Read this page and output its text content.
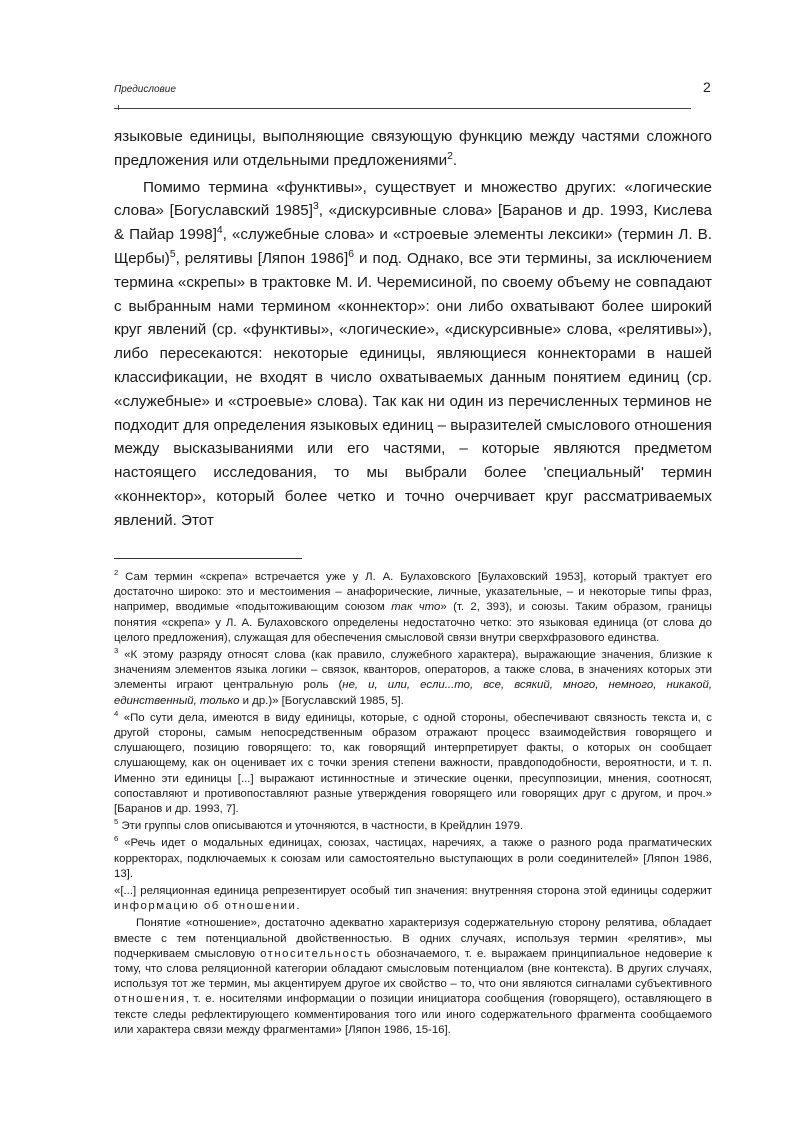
Предисловие	2

языковые единицы, выполняющие связующую функцию между частями сложного предложения или отдельными предложениями$^2$.

Помимо термина «функтивы», существует и множество других: «логические слова» [Богуславский 1985]$^3$, «дискурсивные слова» [Баранов и др. 1993, Кислева & Пайар 1998]$^4$, «служебные слова» и «строевые элементы лексики» (термин Л. В. Щербы)$^5$, релятивы [Ляпон 1986]$^6$ и под. Однако, все эти термины, за исключением термина «скрепы» в трактовке М. И. Черемисиной, по своему объему не совпадают с выбранным нами термином «коннектор»: они либо охватывают более широкий круг явлений (ср. «функтивы», «логические», «дискурсивные» слова, «релятивы»), либо пересекаются: некоторые единицы, являющиеся коннекторами в нашей классификации, не входят в число охватываемых данным понятием единиц (ср. «служебные» и «строевые» слова). Так как ни один из перечисленных терминов не подходит для определения языковых единиц – выразителей смыслового отношения между высказываниями или его частями, – которые являются предметом настоящего исследования, то мы выбрали более 'специальный' термин «коннектор», который более четко и точно очерчивает круг рассматриваемых явлений. Этот

$^2$ Сам термин «скрепа» встречается уже у Л. А. Булаховского [Булаховский 1953], который трактует его достаточно широко: это и местоимения – анафорические, личные, указательные, – и некоторые типы фраз, например, вводимые «подытоживающим союзом так что» (т. 2, 393), и союзы. Таким образом, границы понятия «скрепа» у Л. А. Булаховского определены недостаточно четко: это языковая единица (от слова до целого предложения), служащая для обеспечения смысловой связи внутри сверхфразового единства.

$^3$ «К этому разряду относят слова (как правило, служебного характера), выражающие значения, близкие к значениям элементов языка логики – связок, кванторов, операторов, а также слова, в значениях которых эти элементы играют центральную роль (не, и, или, если...то, все, всякий, много, немного, никакой, единственный, только и др.)» [Богуславский 1985, 5].

$^4$ «По сути дела, имеются в виду единицы, которые, с одной стороны, обеспечивают связность текста и, с другой стороны, самым непосредственным образом отражают процесс взаимодействия говорящего и слушающего, позицию говорящего: то, как говорящий интерпретирует факты, о которых он сообщает слушающему, как он оценивает их с точки зрения степени важности, правдоподобности, вероятности, и т. п. Именно эти единицы [...] выражают истинностные и этические оценки, пресуппозиции, мнения, соотносят, сопоставляют и противопоставляют разные утверждения говорящего или говорящих друг с другом, и проч.» [Баранов и др. 1993, 7].

$^5$ Эти группы слов описываются и уточняются, в частности, в Крейдлин 1979.

$^6$ «Речь идет о модальных единицах, союзах, частицах, наречиях, а также о разного рода прагматических корректорах, подключаемых к союзам или самостоятельно выступающих в роли соединителей» [Ляпон 1986, 13].

«[...] реляционная единица репрезентирует особый тип значения: внутренняя сторона этой единицы содержит информацию об отношении.

Понятие «отношение», достаточно адекватно характеризуя содержательную сторону релятива, обладает вместе с тем потенциальной двойственностью. В одних случаях, используя термин «релятив», мы подчеркиваем смысловую относительность обозначаемого, т. е. выражаем принципиальное недоверие к тому, что слова реляционной категории обладают смысловым потенциалом (вне контекста). В других случаях, используя тот же термин, мы акцентируем другое их свойство – то, что они являются сигналами субъективного отношения, т. е. носителями информации о позиции инициатора сообщения (говорящего), оставляющего в тексте следы рефлектирующего комментирования того или иного содержательного фрагмента сообщаемого или характера связи между фрагментами» [Ляпон 1986, 15-16].
